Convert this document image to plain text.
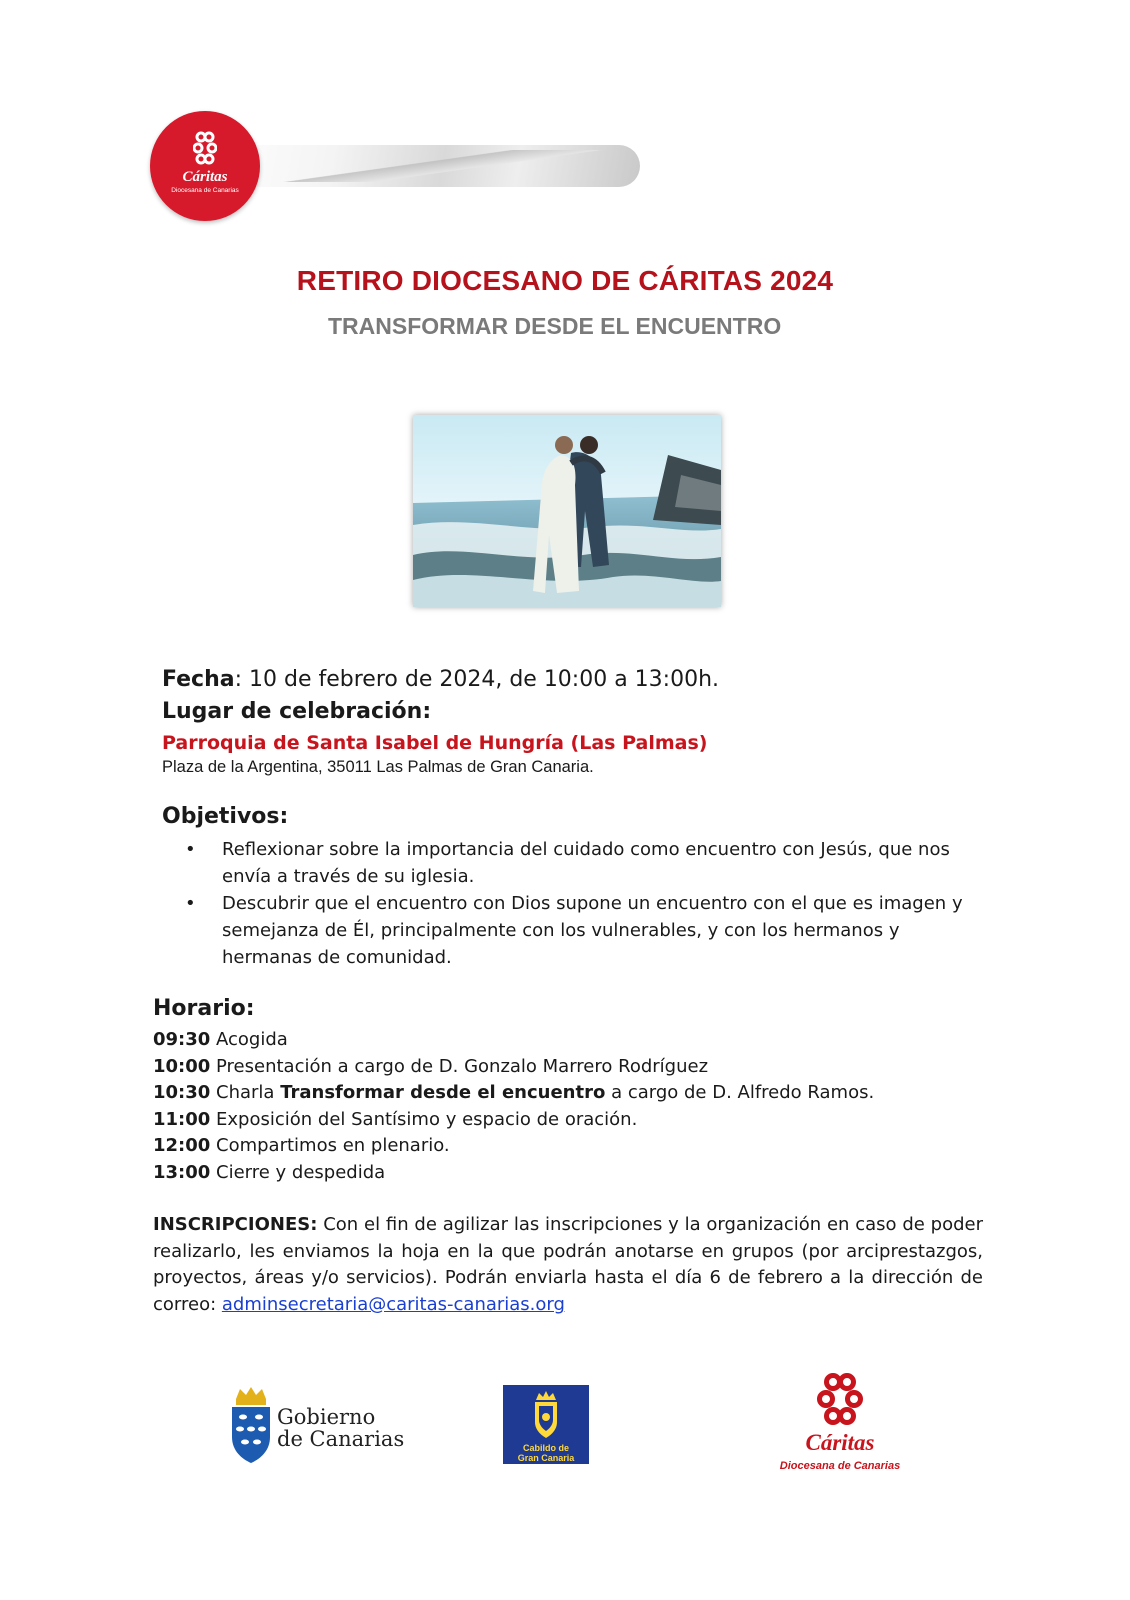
Cáritas
Diocesana de Canarias
RETIRO DIOCESANO DE CÁRITAS 2024
TRANSFORMAR DESDE EL ENCUENTRO
Fecha: 10 de febrero de 2024, de 10:00 a 13:00h.
Lugar de celebración:
Parroquia de Santa Isabel de Hungría (Las Palmas)
Plaza de la Argentina, 35011 Las Palmas de Gran Canaria.
Objetivos:
• Reflexionar sobre la importancia del cuidado como encuentro con Jesús, que nos envía a través de su iglesia.
• Descubrir que el encuentro con Dios supone un encuentro con el que es imagen y semejanza de Él, principalmente con los vulnerables, y con los hermanos y hermanas de comunidad.
Horario:
09:30 Acogida
10:00 Presentación a cargo de D. Gonzalo Marrero Rodríguez
10:30 Charla Transformar desde el encuentro a cargo de D. Alfredo Ramos.
11:00 Exposición del Santísimo y espacio de oración.
12:00 Compartimos en plenario.
13:00 Cierre y despedida
INSCRIPCIONES: Con el fin de agilizar las inscripciones y la organización en caso de poder realizarlo, les enviamos la hoja en la que podrán anotarse en grupos (por arciprestazgos, proyectos, áreas y/o servicios). Podrán enviarla hasta el día 6 de febrero a la dirección de correo: adminsecretaria@caritas-canarias.org
Gobierno
de Canarias	Cabildo de
Gran Canaria
Cáritas
Diocesana de Canarias
